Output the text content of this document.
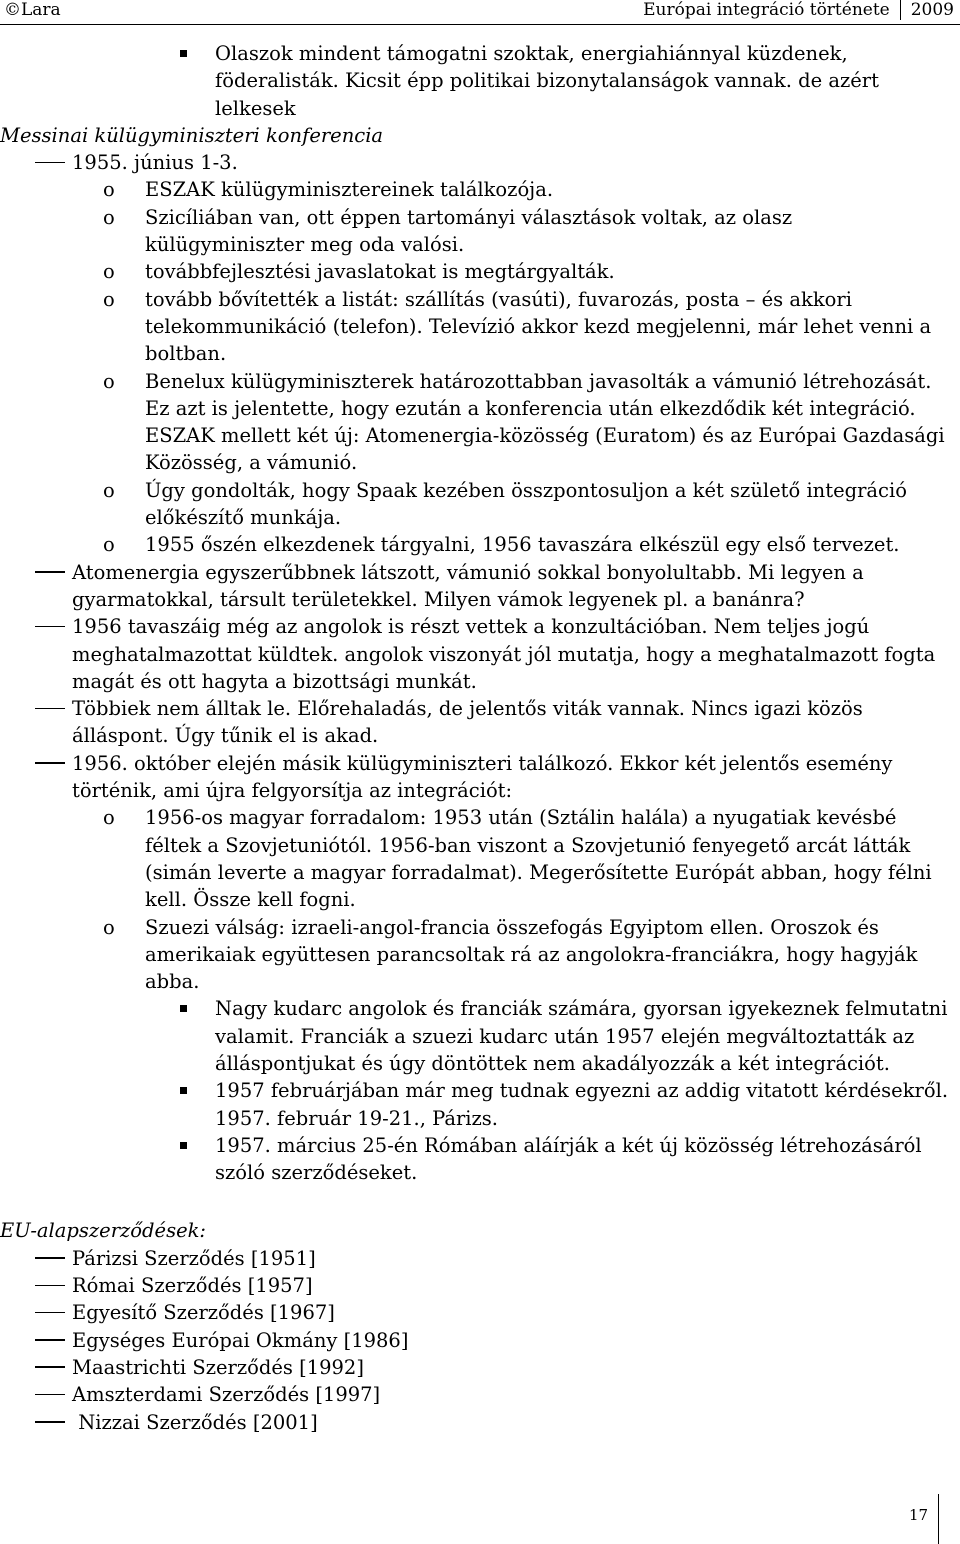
©Lara	Európai integráció története 2009
Olaszok mindent támogatni szoktak, energiahiánnyal küzdenek, föderalisták. Kicsit épp politikai bizonytalanságok vannak. de azért lelkesek
Messinai külügyminiszteri konferencia
1955. június 1-3.
o ESZAK külügyminisztereinek találkozója.
o Szicíliában van, ott éppen tartományi választások voltak, az olasz külügyminiszter meg oda valósi.
o továbbfejlesztési javaslatokat is megtárgyalták.
o tovább bővítették a listát: szállítás (vasúti), fuvarozás, posta – és akkori telekommunikáció (telefon). Televízió akkor kezd megjelenni, már lehet venni a boltban.
o Benelux külügyminiszterek határozottabban javasolták a vámunió létrehozását. Ez azt is jelentette, hogy ezután a konferencia után elkezdődik két integráció. ESZAK mellett két új: Atomenergia-közösség (Euratom) és az Európai Gazdasági Közösség, a vámunió.
o Úgy gondolták, hogy Spaak kezében összpontosuljon a két születő integráció előkészítő munkája.
o 1955 őszén elkezdenek tárgyalni, 1956 tavaszára elkészül egy első tervezet.
Atomenergia egyszerűbbnek látszott, vámunió sokkal bonyolultabb. Mi legyen a gyarmatokkal, társult területekkel. Milyen vámok legyenek pl. a banánra?
1956 tavaszáig még az angolok is részt vettek a konzultációban. Nem teljes jogú meghatalmazottat küldtek. angolok viszonyát jól mutatja, hogy a meghatalmazott fogta magát és ott hagyta a bizottsági munkát.
Többiek nem álltak le. Előrehaladás, de jelentős viták vannak. Nincs igazi közös álláspont. Úgy tűnik el is akad.
1956. október elején másik külügyminiszteri találkozó. Ekkor két jelentős esemény történik, ami újra felgyorsítja az integrációt:
o 1956-os magyar forradalom: 1953 után (Sztálin halála) a nyugatiak kevésbé féltek a Szovjetuniótól. 1956-ban viszont a Szovjetunió fenyegető arcát látták (simán leverte a magyar forradalmat). Megerősítette Európát abban, hogy félni kell. Össze kell fogni.
o Szuezi válság: izraeli-angol-francia összefogás Egyiptom ellen. Oroszok és amerikaiak együttesen parancsoltak rá az angolokra-franciákra, hogy hagyják abba.
Nagy kudarc angolok és franciák számára, gyorsan igyekeznek felmutatni valamit. Franciák a szuezi kudarc után 1957 elején megváltoztatták az álláspontjukat és úgy döntöttek nem akadályozzák a két integrációt.
1957 februárjában már meg tudnak egyezni az addig vitatott kérdésekről. 1957. február 19-21., Párizs.
1957. március 25-én Rómában aláírják a két új közösség létrehozásáról szóló szerződéseket.
EU-alapszerződések:
Párizsi Szerződés [1951]
Római Szerződés [1957]
Egyesítő Szerződés [1967]
Egységes Európai Okmány [1986]
Maastrichti Szerződés [1992]
Amszterdami Szerződés [1997]
Nizzai Szerződés [2001]
17
